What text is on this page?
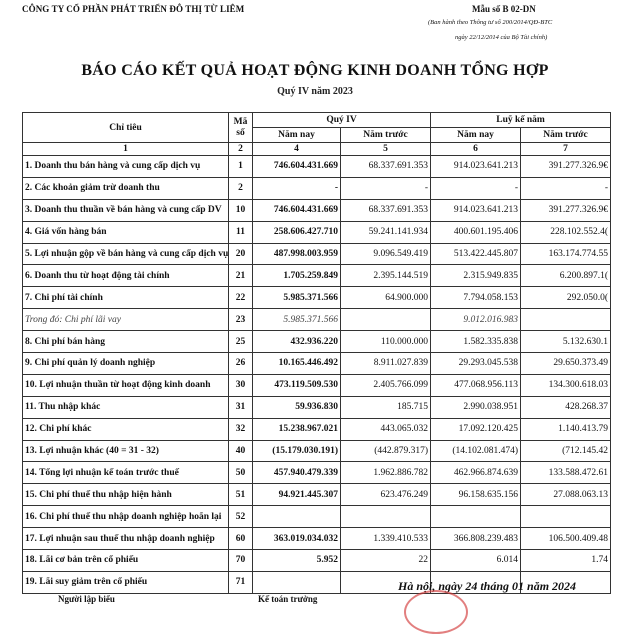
CÔNG TY CỔ PHẦN PHÁT TRIỂN ĐÔ THỊ TỪ LIÊM	Mẫu số B 02-DN
(Ban hành theo Thông tư số 200/2014/QĐ-BTC
ngày 22/12/2014 của Bộ Tài chính)
BÁO CÁO KẾT QUẢ HOẠT ĐỘNG KINH DOANH TỔNG HỢP
Quý IV năm 2023
Chỉ tiêu	Mã số	Quý IV		Luỹ kế năm	
		Năm nay	Năm trước	Năm nay	Năm trước
1	2	4	5	6	7
1. Doanh thu bán hàng và cung cấp dịch vụ	1	746.604.431.669	68.337.691.353	914.023.641.213	391.277.326.9€
2. Các khoản giảm trừ doanh thu	2	-	-	-	-
3. Doanh thu thuần về bán hàng và cung cấp DV	10	746.604.431.669	68.337.691.353	914.023.641.213	391.277.326.9€
4. Giá vốn hàng bán	11	258.606.427.710	59.241.141.934	400.601.195.406	228.102.552.4(
5. Lợi nhuận gộp về bán hàng và cung cấp dịch vụ	20	487.998.003.959	9.096.549.419	513.422.445.807	163.174.774.55
6. Doanh thu từ hoạt động tài chính	21	1.705.259.849	2.395.144.519	2.315.949.835	6.200.897.1(
7. Chi phí tài chính	22	5.985.371.566	64.900.000	7.794.058.153	292.050.0(
Trong đó: Chi phí lãi vay	23	5.985.371.566		9.012.016.983	
8. Chi phí bán hàng	25	432.936.220	110.000.000	1.582.335.838	5.132.630.1
9. Chi phí quản lý doanh nghiệp	26	10.165.446.492	8.911.027.839	29.293.045.538	29.650.373.49
10. Lợi nhuận thuần từ hoạt động kinh doanh	30	473.119.509.530	2.405.766.099	477.068.956.113	134.300.618.03
11. Thu nhập khác	31	59.936.830	185.715	2.990.038.951	428.268.37
12. Chi phí khác	32	15.238.967.021	443.065.032	17.092.120.425	1.140.413.79
13. Lợi nhuận khác (40 = 31 - 32)	40	(15.179.030.191)	(442.879.317)	(14.102.081.474)	(712.145.42
14. Tổng lợi nhuận kế toán trước thuế	50	457.940.479.339	1.962.886.782	462.966.874.639	133.588.472.61
15. Chi phí thuế thu nhập hiện hành	51	94.921.445.307	623.476.249	96.158.635.156	27.088.063.13
16. Chi phí thuế thu nhập doanh nghiệp hoãn lại	52				
17. Lợi nhuận sau thuế thu nhập doanh nghiệp	60	363.019.034.032	1.339.410.533	366.808.239.483	106.500.409.48
18. Lãi cơ bản trên cổ phiếu	70	5.952	22	6.014	1.74
19. Lãi suy giảm trên cổ phiếu	71					Hà nội, ngày 24 tháng 01 năm 2024
Người lập biểu	Kế toán trưởng
